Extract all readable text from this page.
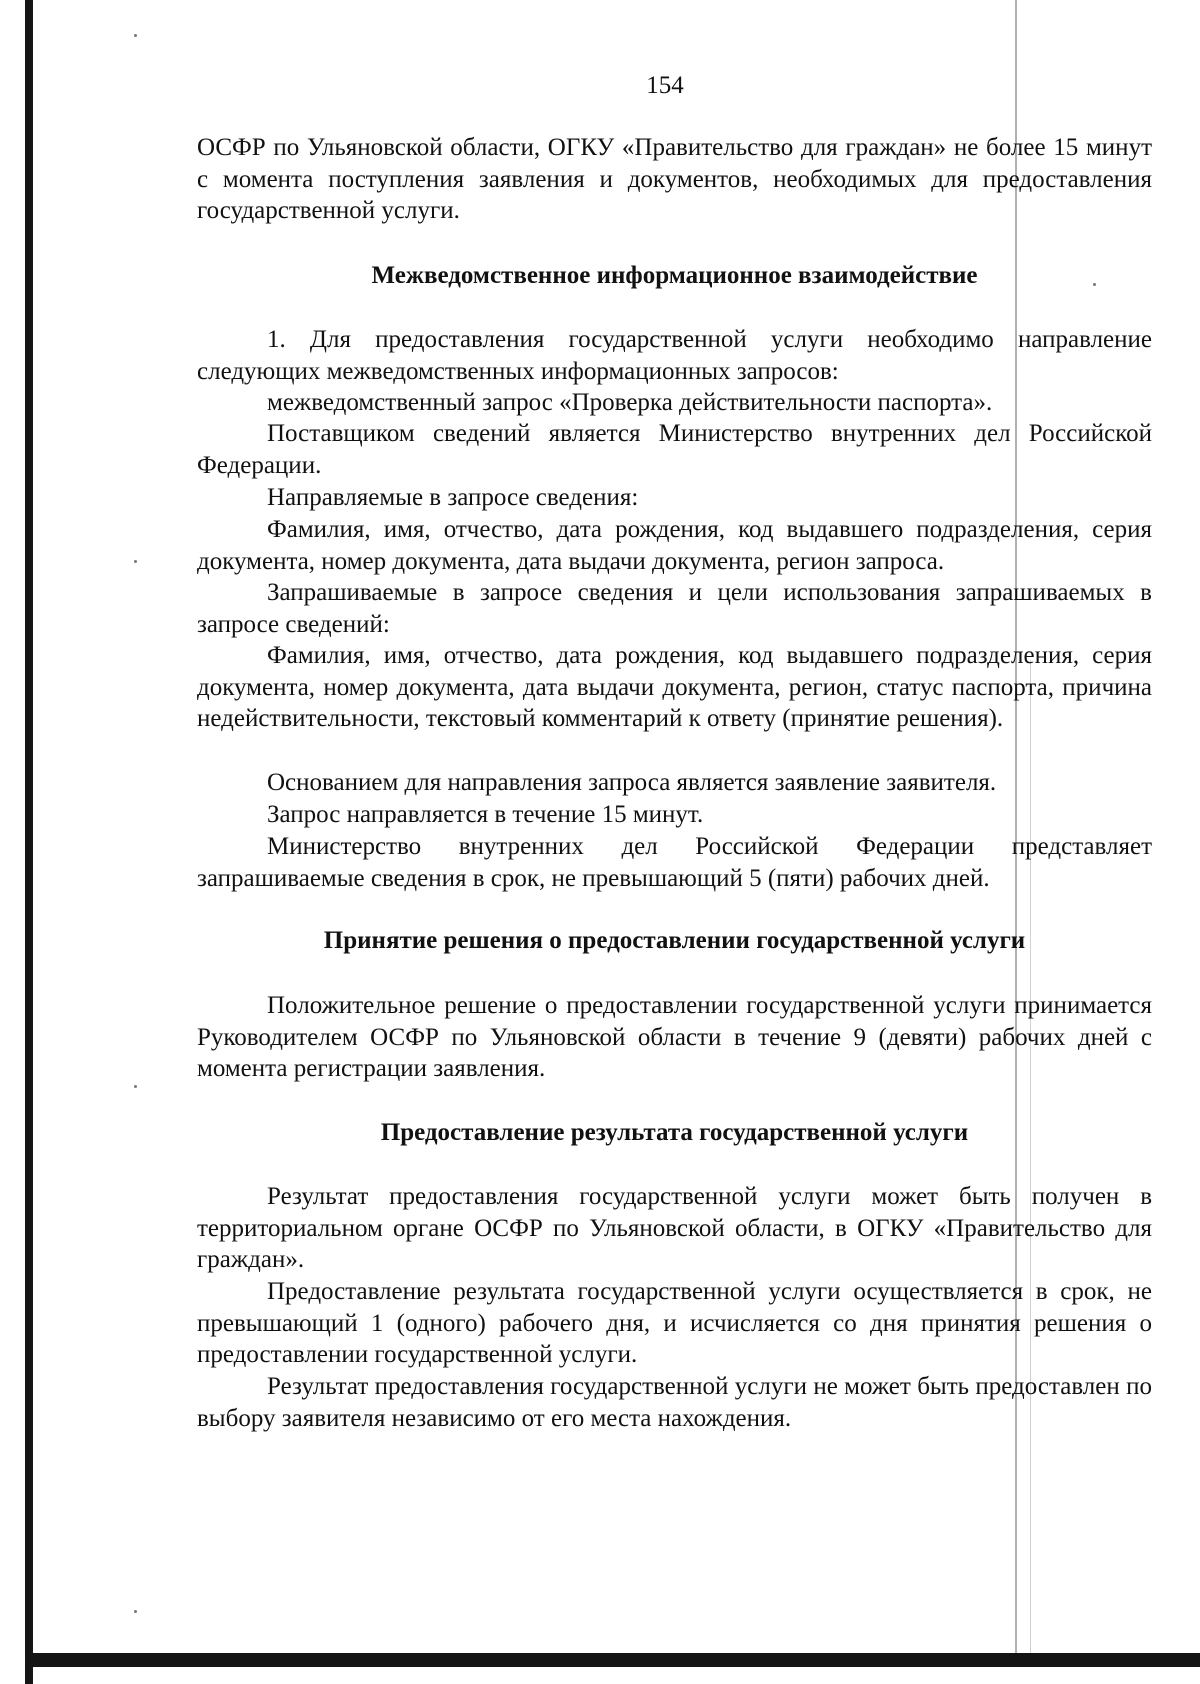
154
ОСФР по Ульяновской области, ОГКУ «Правительство для граждан» не более 15 минут с момента поступления заявления и документов, необходимых для предоставления государственной услуги.
Межведомственное информационное взаимодействие
1. Для предоставления государственной услуги необходимо направление следующих межведомственных информационных запросов:
межведомственный запрос «Проверка действительности паспорта».
Поставщиком сведений является Министерство внутренних дел Российской Федерации.
Направляемые в запросе сведения:
Фамилия, имя, отчество, дата рождения, код выдавшего подразделения, серия документа, номер документа, дата выдачи документа, регион запроса.
Запрашиваемые в запросе сведения и цели использования запрашиваемых в запросе сведений:
Фамилия, имя, отчество, дата рождения, код выдавшего подразделения, серия документа, номер документа, дата выдачи документа, регион, статус паспорта, причина недействительности, текстовый комментарий к ответу (принятие решения).
Основанием для направления запроса является заявление заявителя.
Запрос направляется в течение 15 минут.
Министерство внутренних дел Российской Федерации представляет запрашиваемые сведения в срок, не превышающий 5 (пяти) рабочих дней.
Принятие решения о предоставлении государственной услуги
Положительное решение о предоставлении государственной услуги принимается Руководителем ОСФР по Ульяновской области в течение 9 (девяти) рабочих дней с момента регистрации заявления.
Предоставление результата государственной услуги
Результат предоставления государственной услуги может быть получен в территориальном органе ОСФР по Ульяновской области, в ОГКУ «Правительство для граждан».
Предоставление результата государственной услуги осуществляется в срок, не превышающий 1 (одного) рабочего дня, и исчисляется со дня принятия решения о предоставлении государственной услуги.
Результат предоставления государственной услуги не может быть предоставлен по выбору заявителя независимо от его места нахождения.
